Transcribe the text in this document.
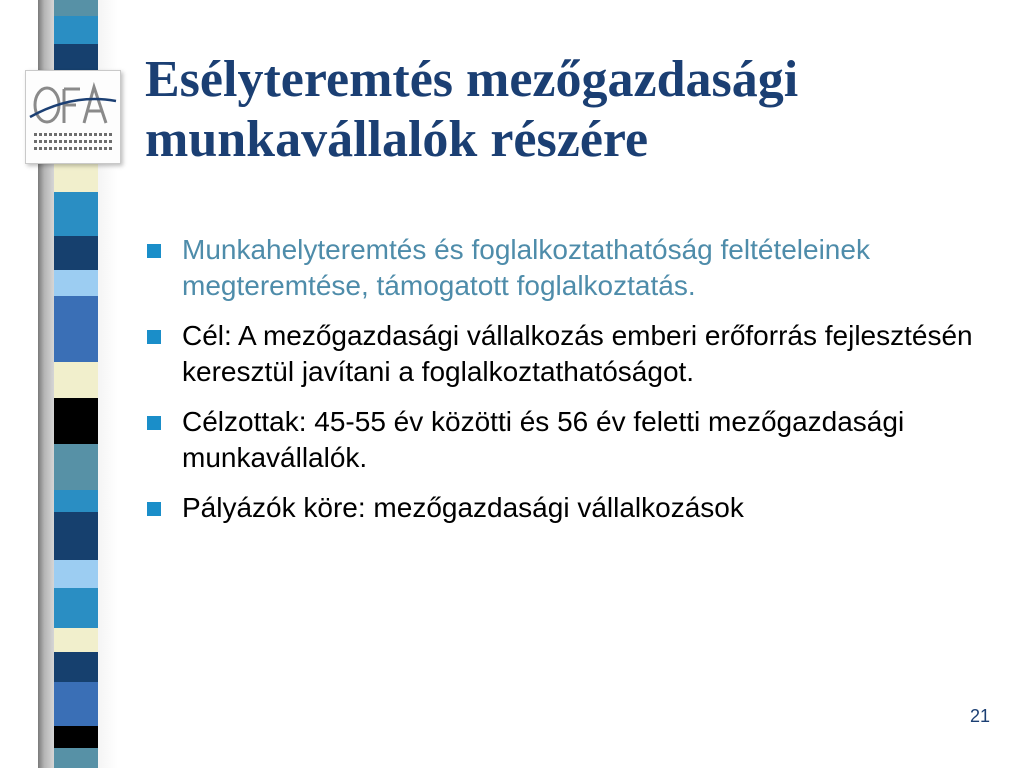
Esélyteremtés mezőgazdasági munkavállalók részére
Munkahelyteremtés és foglalkoztathatóság feltételeinek megteremtése, támogatott foglalkoztatás.
Cél: A mezőgazdasági vállalkozás emberi erőforrás fejlesztésén keresztül javítani a foglalkoztathatóságot.
Célzottak: 45-55 év közötti és 56 év feletti mezőgazdasági munkavállalók.
Pályázók köre: mezőgazdasági vállalkozások
21
